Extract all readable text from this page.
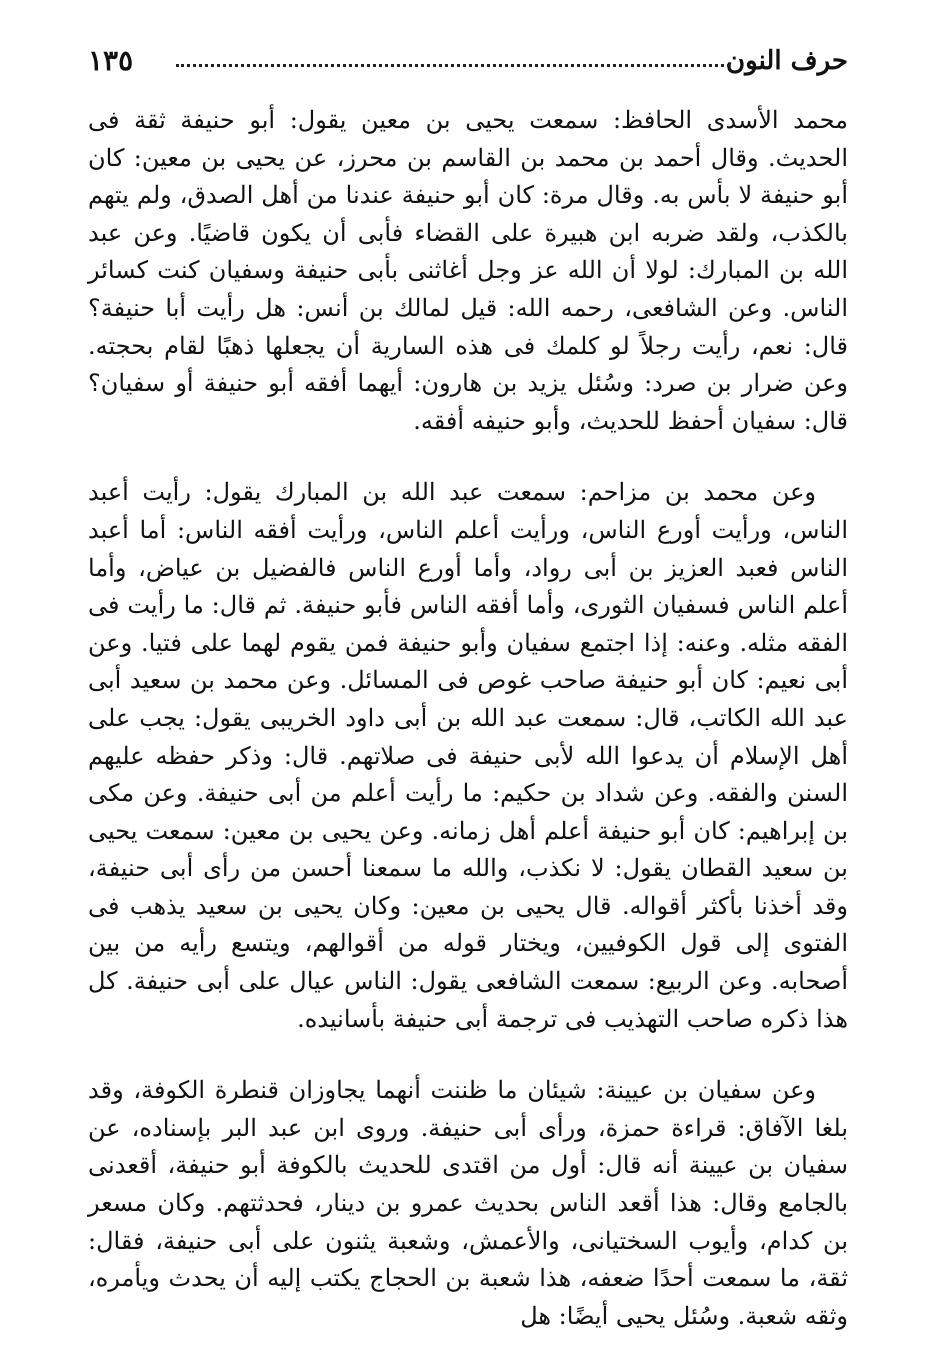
حرف النون
١٣٥

محمد الأسدى الحافظ: سمعت يحيى بن معين يقول: أبو حنيفة ثقة فى الحديث. وقال أحمد بن محمد بن القاسم بن محرز، عن يحيى بن معين: كان أبو حنيفة لا بأس به. وقال مرة: كان أبو حنيفة عندنا من أهل الصدق، ولم يتهم بالكذب، ولقد ضربه ابن هبيرة على القضاء فأبى أن يكون قاضيًا. وعن عبد الله بن المبارك: لولا أن الله عز وجل أغاثنى بأبى حنيفة وسفيان كنت كسائر الناس. وعن الشافعى، رحمه الله: قيل لمالك بن أنس: هل رأيت أبا حنيفة؟ قال: نعم، رأيت رجلاً لو كلمك فى هذه السارية أن يجعلها ذهبًا لقام بحجته. وعن ضرار بن صرد: وسُئل يزيد بن هارون: أيهما أفقه أبو حنيفة أو سفيان؟ قال: سفيان أحفظ للحديث، وأبو حنيفه أفقه.

وعن محمد بن مزاحم: سمعت عبد الله بن المبارك يقول: رأيت أعبد الناس، ورأيت أورع الناس، ورأيت أعلم الناس، ورأيت أفقه الناس: أما أعبد الناس فعبد العزيز بن أبى رواد، وأما أورع الناس فالفضيل بن عياض، وأما أعلم الناس فسفيان الثورى، وأما أفقه الناس فأبو حنيفة. ثم قال: ما رأيت فى الفقه مثله. وعنه: إذا اجتمع سفيان وأبو حنيفة فمن يقوم لهما على فتيا. وعن أبى نعيم: كان أبو حنيفة صاحب غوص فى المسائل. وعن محمد بن سعيد أبى عبد الله الكاتب، قال: سمعت عبد الله بن أبى داود الخريبى يقول: يجب على أهل الإسلام أن يدعوا الله لأبى حنيفة فى صلاتهم. قال: وذكر حفظه عليهم السنن والفقه. وعن شداد بن حكيم: ما رأيت أعلم من أبى حنيفة. وعن مكى بن إبراهيم: كان أبو حنيفة أعلم أهل زمانه. وعن يحيى بن معين: سمعت يحيى بن سعيد القطان يقول: لا نكذب، والله ما سمعنا أحسن من رأى أبى حنيفة، وقد أخذنا بأكثر أقواله. قال يحيى بن معين: وكان يحيى بن سعيد يذهب فى الفتوى إلى قول الكوفيين، ويختار قوله من أقوالهم، ويتسع رأيه من بين أصحابه. وعن الربيع: سمعت الشافعى يقول: الناس عيال على أبى حنيفة. كل هذا ذكره صاحب التهذيب فى ترجمة أبى حنيفة بأسانيده.

وعن سفيان بن عيينة: شيئان ما ظننت أنهما يجاوزان قنطرة الكوفة، وقد بلغا الآفاق: قراءة حمزة، ورأى أبى حنيفة. وروى ابن عبد البر بإسناده، عن سفيان بن عيينة أنه قال: أول من اقتدى للحديث بالكوفة أبو حنيفة، أقعدنى بالجامع وقال: هذا أقعد الناس بحديث عمرو بن دينار، فحدثتهم. وكان مسعر بن كدام، وأيوب السختيانى، والأعمش، وشعبة يثنون على أبى حنيفة، فقال: ثقة، ما سمعت أحدًا ضعفه، هذا شعبة بن الحجاج يكتب إليه أن يحدث ويأمره، وثقه شعبة. وسُئل يحيى أيضًا: هل
